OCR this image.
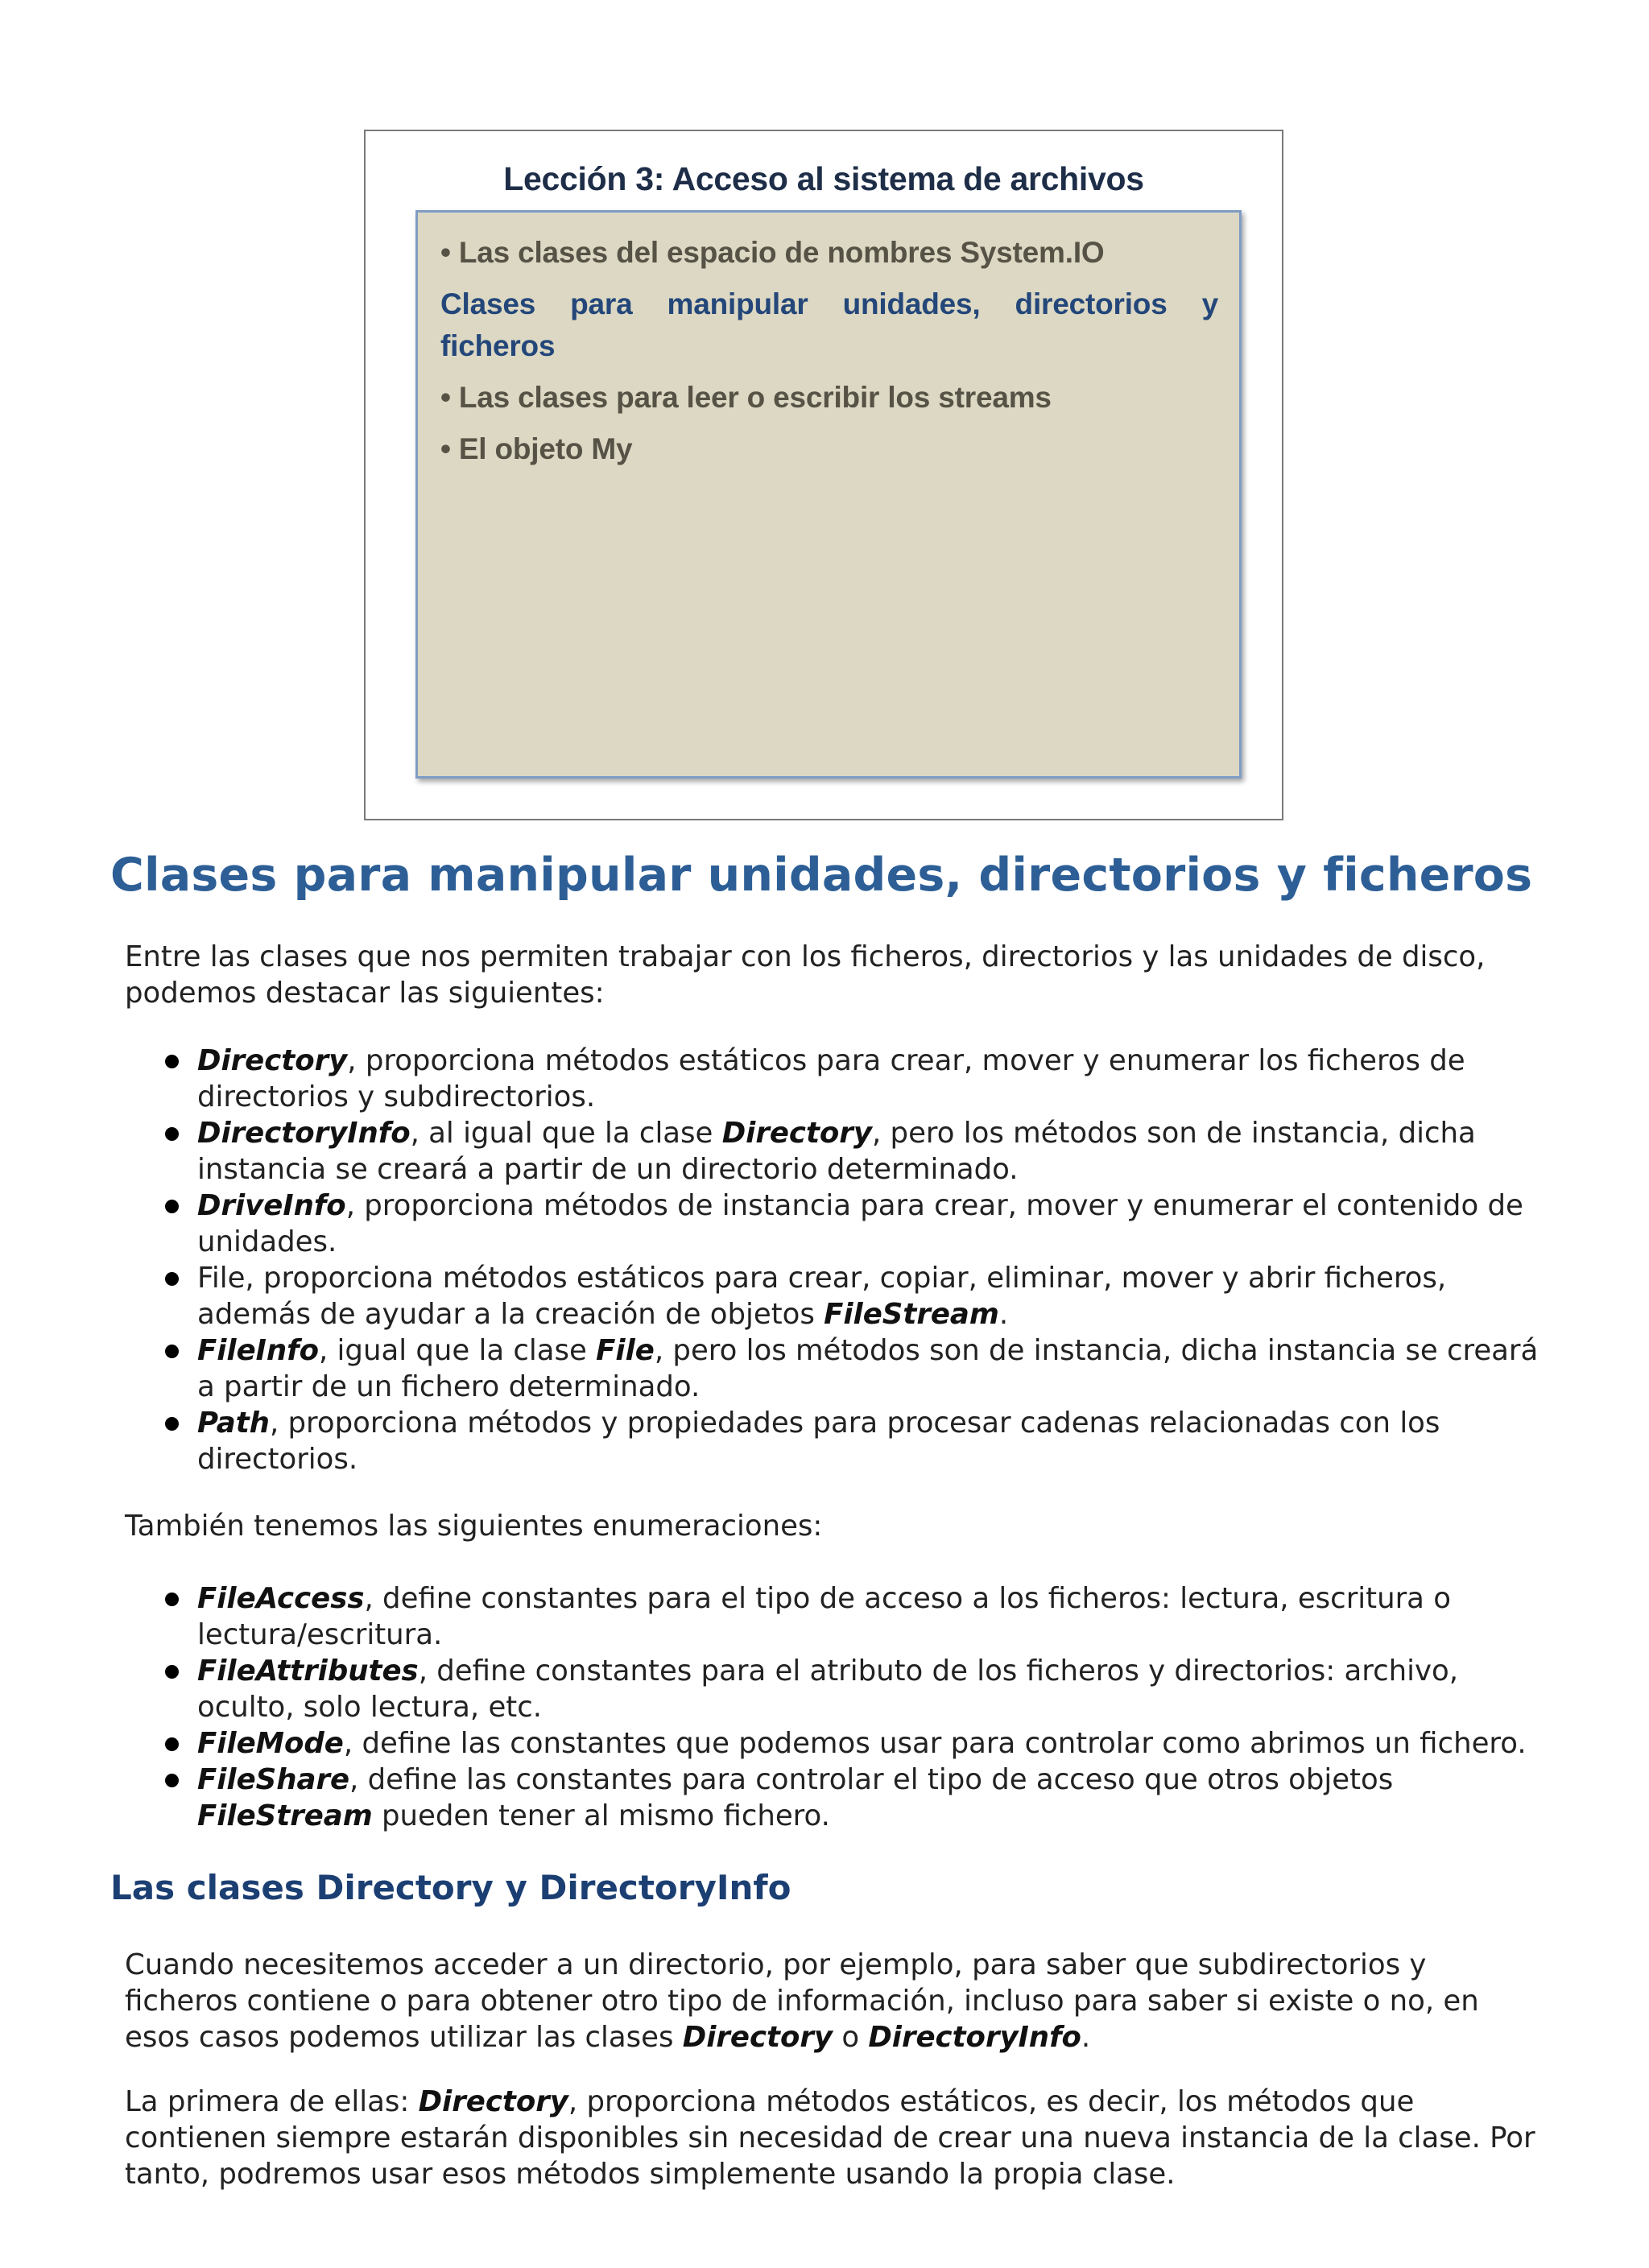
Lección 3: Acceso al sistema de archivos
• Las clases del espacio de nombres System.IO
Clases para manipular unidades, directorios y
ficheros
• Las clases para leer o escribir los streams
• El objeto My
Clases para manipular unidades, directorios y ficheros

Entre las clases que nos permiten trabajar con los ficheros, directorios y las unidades de disco, podemos destacar las siguientes:

Directory, proporciona métodos estáticos para crear, mover y enumerar los ficheros de directorios y subdirectorios.
DirectoryInfo, al igual que la clase Directory, pero los métodos son de instancia, dicha instancia se creará a partir de un directorio determinado.
DriveInfo, proporciona métodos de instancia para crear, mover y enumerar el contenido de unidades.
File, proporciona métodos estáticos para crear, copiar, eliminar, mover y abrir ficheros, además de ayudar a la creación de objetos FileStream.
FileInfo, igual que la clase File, pero los métodos son de instancia, dicha instancia se creará a partir de un fichero determinado.
Path, proporciona métodos y propiedades para procesar cadenas relacionadas con los directorios.

También tenemos las siguientes enumeraciones:

FileAccess, define constantes para el tipo de acceso a los ficheros: lectura, escritura o lectura/escritura.
FileAttributes, define constantes para el atributo de los ficheros y directorios: archivo, oculto, solo lectura, etc.
FileMode, define las constantes que podemos usar para controlar como abrimos un fichero.
FileShare, define las constantes para controlar el tipo de acceso que otros objetos FileStream pueden tener al mismo fichero.
Las clases Directory y DirectoryInfo

Cuando necesitemos acceder a un directorio, por ejemplo, para saber que subdirectorios y ficheros contiene o para obtener otro tipo de información, incluso para saber si existe o no, en esos casos podemos utilizar las clases Directory o DirectoryInfo.

La primera de ellas: Directory, proporciona métodos estáticos, es decir, los métodos que contienen siempre estarán disponibles sin necesidad de crear una nueva instancia de la clase. Por tanto, podremos usar esos métodos simplemente usando la propia clase.
